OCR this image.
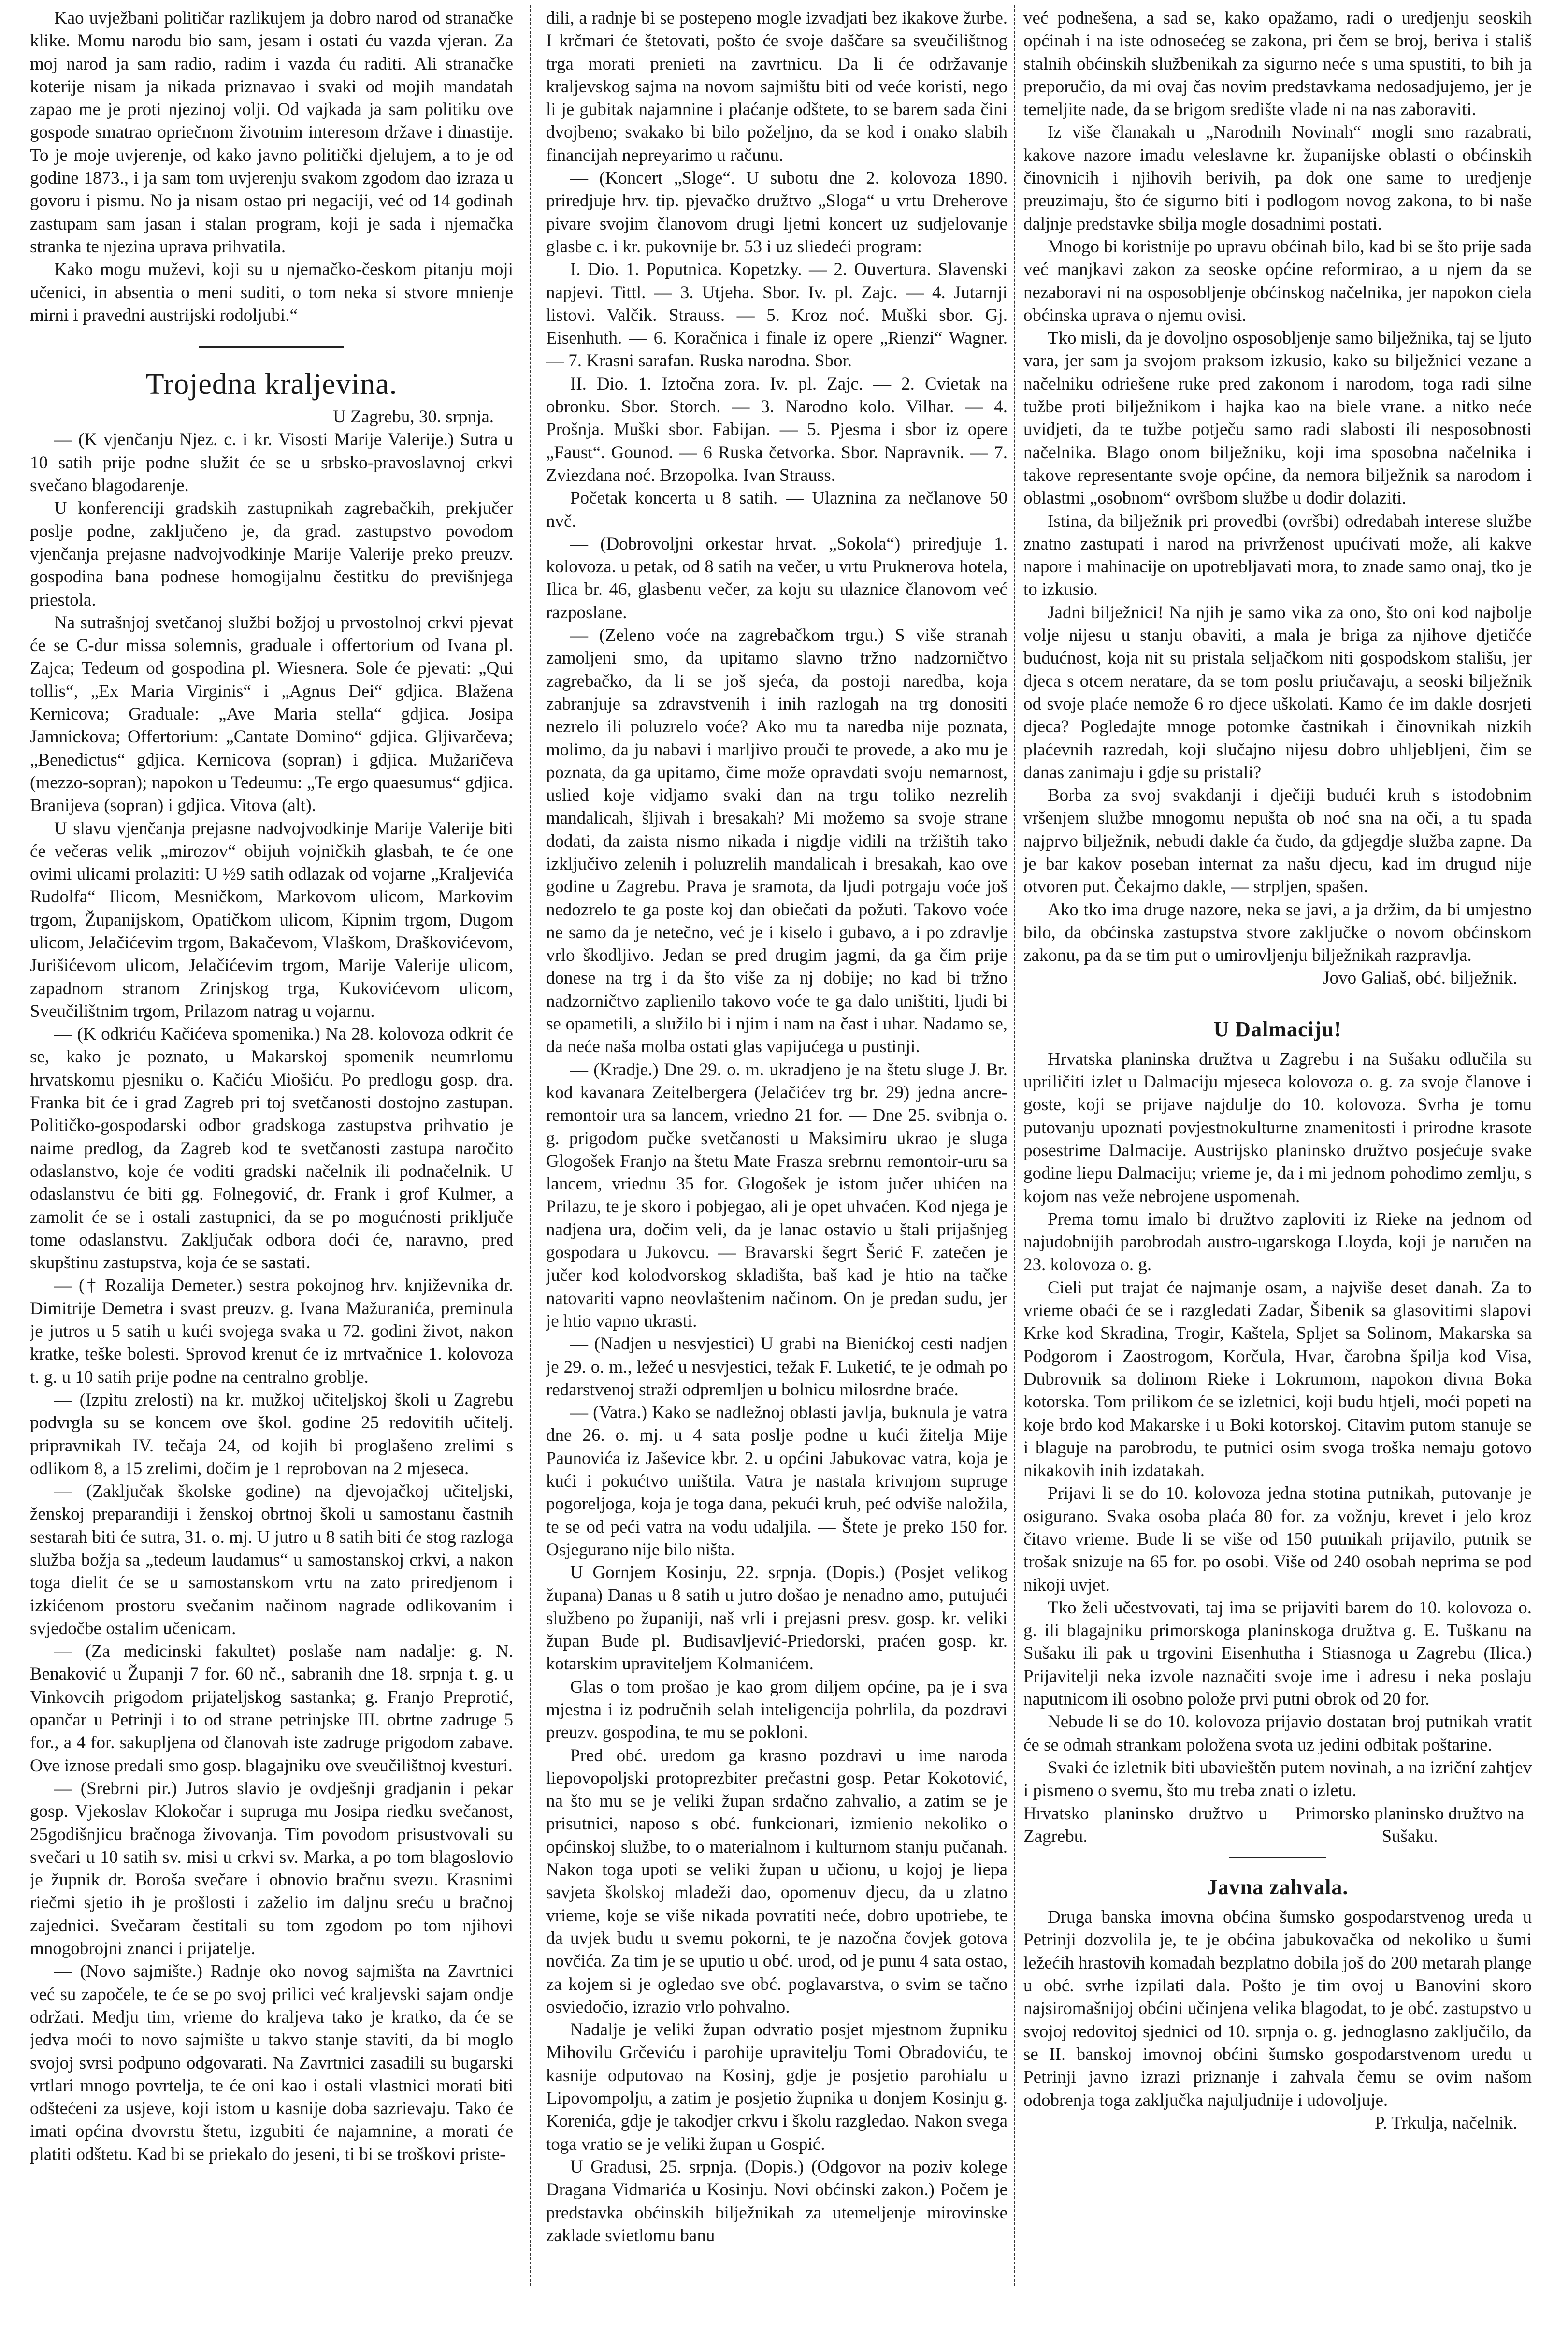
Kao uvježbani političar razlikujem ja dobro narod od stranačke klike. Momu narodu bio sam, jesam i ostati ću vazda vjeran. Za moj narod ja sam radio, radim i vazda ću raditi. Ali stranačke koterije nisam ja nikada priznavao i svaki od mojih mandatah zapao me je proti njezinoj volji. Od vajkada ja sam politiku ove gospode smatrao opriečnom životnim interesom države i dinastije. To je moje uvjerenje, od kako javno politički djelujem, a to je od godine 1873., i ja sam tom uvjerenju svakom zgodom dao izraza u govoru i pismu. No ja nisam ostao pri negaciji, već od 14 godinah zastupam sam jasan i stalan program, koji je sada i njemačka stranka te njezina uprava prihvatila.

Kako mogu muževi, koji su u njemačko-českom pitanju moji učenici, in absentia o meni suditi, o tom neka si stvore mnienje mirni i pravedni austrijski rodoljubi.“

Trojedna kraljevina.

U Zagrebu, 30. srpnja.

— (K vjenčanju Njez. c. i kr. Visosti Marije Valerije.) Sutra u 10 satih prije podne služit će se u srbsko-pravoslavnoj crkvi svečano blagodarenje.

U konferenciji gradskih zastupnikah zagrebačkih, prekjučer poslje podne, zaključeno je, da grad. zastupstvo povodom vjenčanja prejasne nadvojvodkinje Marije Valerije preko preuzv. gospodina bana podnese homogijalnu čestitku do previšnjega priestola.

Na sutrašnjoj svetčanoj službi božjoj u prvostolnoj crkvi pjevat će se C-dur missa solemnis, graduale i offertorium od Ivana pl. Zajca; Tedeum od gospodina pl. Wiesnera. Sole će pjevati: „Qui tollis“, „Ex Maria Virginis“ i „Agnus Dei“ gdjica. Blažena Kernicova; Graduale: „Ave Maria stella“ gdjica. Josipa Jamnickova; Offertorium: „Cantate Domino“ gdjica. Gljivarčeva; „Benedictus“ gdjica. Kernicova (sopran) i gdjica. Mužaričeva (mezzo-sopran); napokon u Tedeumu: „Te ergo quaesumus“ gdjica. Branijeva (sopran) i gdjica. Vitova (alt).

U slavu vjenčanja prejasne nadvojvodkinje Marije Valerije biti će večeras velik „mirozov“ obijuh vojničkih glasbah, te će one ovimi ulicami prolaziti: U ½9 satih odlazak od vojarne „Kraljevića Rudolfa“ Ilicom, Mesničkom, Markovom ulicom, Markovim trgom, Županijskom, Opatičkom ulicom, Kipnim trgom, Dugom ulicom, Jelačićevim trgom, Bakačevom, Vlaškom, Draškovićevom, Jurišićevom ulicom, Jelačićevim trgom, Marije Valerije ulicom, zapadnom stranom Zrinjskog trga, Kukovićevom ulicom, Sveučilištnim trgom, Prilazom natrag u vojarnu.

— (K odkriću Kačićeva spomenika.) Na 28. kolovoza odkrit će se, kako je poznato, u Makarskoj spomenik neumrlomu hrvatskomu pjesniku o. Kačiću Miošiću. Po predlogu gosp. dra. Franka bit će i grad Zagreb pri toj svetčanosti dostojno zastupan. Političko-gospodarski odbor gradskoga zastupstva prihvatio je naime predlog, da Zagreb kod te svetčanosti zastupa naročito odaslanstvo, koje će voditi gradski načelnik ili podnačelnik. U odaslanstvu će biti gg. Folnegović, dr. Frank i grof Kulmer, a zamolit će se i ostali zastupnici, da se po mogućnosti priključe tome odaslanstvu. Zaključak odbora doći će, naravno, pred skupštinu zastupstva, koja će se sastati.

— († Rozalija Demeter.) sestra pokojnog hrv. književnika dr. Dimitrije Demetra i svast preuzv. g. Ivana Mažuranića, preminula je jutros u 5 satih u kući svojega svaka u 72. godini život, nakon kratke, teške bolesti. Sprovod krenut će iz mrtvačnice 1. kolovoza t. g. u 10 satih prije podne na centralno groblje.

— (Izpitu zrelosti) na kr. mužkoj učiteljskoj školi u Zagrebu podvrgla su se koncem ove škol. godine 25 redovitih učitelj. pripravnikah IV. tečaja 24, od kojih bi proglašeno zrelimi s odlikom 8, a 15 zrelimi, dočim je 1 reprobovan na 2 mjeseca.

— (Zaključak školske godine) na djevojačkoj učiteljski, ženskoj preparandiji i ženskoj obrtnoj školi u samostanu častnih sestarah biti će sutra, 31. o. mj. U jutro u 8 satih biti će stog razloga služba božja sa „tedeum laudamus“ u samostanskoj crkvi, a nakon toga dielit će se u samostanskom vrtu na zato priredjenom i izkićenom prostoru svečanim načinom nagrade odlikovanim i svjedočbe ostalim učenicam.

— (Za medicinski fakultet) poslaše nam nadalje: g. N. Benaković u Županji 7 for. 60 nč., sabranih dne 18. srpnja t. g. u Vinkovcih prigodom prijateljskog sastanka; g. Franjo Preprotić, opančar u Petrinji i to od strane petrinjske III. obrtne zadruge 5 for., a 4 for. sakupljena od članovah iste zadruge prigodom zabave. Ove iznose predali smo gosp. blagajniku ove sveučilištnoj kvesturi.

— (Srebrni pir.) Jutros slavio je ovdješnji gradjanin i pekar gosp. Vjekoslav Klokočar i supruga mu Josipa riedku svečanost, 25godišnjicu bračnoga živovanja. Tim povodom prisustvovali su svečari u 10 satih sv. misi u crkvi sv. Marka, a po tom blagoslovio je župnik dr. Boroša svečare i obnovio bračnu svezu. Krasnimi riečmi sjetio ih je prošlosti i zaželio im daljnu sreću u bračnoj zajednici. Svečaram čestitali su tom zgodom po tom njihovi mnogobrojni znanci i prijatelje.

— (Novo sajmište.) Radnje oko novog sajmišta na Zavrtnici već su započele, te će se po svoj prilici već kraljevski sajam ondje održati. Medju tim, vrieme do kraljeva tako je kratko, da će se jedva moći to novo sajmište u takvo stanje staviti, da bi moglo svojoj svrsi podpuno odgovarati. Na Zavrtnici zasadili su bugarski vrtlari mnogo povrtelja, te će oni kao i ostali vlastnici morati biti odštećeni za usjeve, koji istom u kasnije doba sazrievaju. Tako će imati općina dvovrstu štetu, izgubiti će najamnine, a morati će platiti odštetu. Kad bi se priekalo do jeseni, ti bi se troškovi priste-

dili, a radnje bi se postepeno mogle izvadjati bez ikakove žurbe. I krčmari će štetovati, pošto će svoje daščare sa sveučilištnog trga morati prenieti na zavrtnicu. Da li će održavanje kraljevskog sajma na novom sajmištu biti od veće koristi, nego li je gubitak najamnine i plaćanje odštete, to se barem sada čini dvojbeno; svakako bi bilo poželjno, da se kod i onako slabih financijah nepreyarimo u računu.

— (Koncert „Sloge“. U subotu dne 2. kolovoza 1890. priredjuje hrv. tip. pjevačko družtvo „Sloga“ u vrtu Dreherove pivare svojim članovom drugi ljetni koncert uz sudjelovanje glasbe c. i kr. pukovnije br. 53 i uz sliedeći program:

I. Dio. 1. Poputnica. Kopetzky. — 2. Ouvertura. Slavenski napjevi. Tittl. — 3. Utjeha. Sbor. Iv. pl. Zajc. — 4. Jutarnji listovi. Valčik. Strauss. — 5. Kroz noć. Muški sbor. Gj. Eisenhuth. — 6. Koračnica i finale iz opere „Rienzi“ Wagner. — 7. Krasni sarafan. Ruska narodna. Sbor.

II. Dio. 1. Iztočna zora. Iv. pl. Zajc. — 2. Cvietak na obronku. Sbor. Storch. — 3. Narodno kolo. Vilhar. — 4. Prošnja. Muški sbor. Fabijan. — 5. Pjesma i sbor iz opere „Faust“. Gounod. — 6 Ruska četvorka. Sbor. Napravnik. — 7. Zviezdana noć. Brzopolka. Ivan Strauss.

Početak koncerta u 8 satih. — Ulaznina za nečlanove 50 nvč.

— (Dobrovoljni orkestar hrvat. „Sokola“) priredjuje 1. kolovoza. u petak, od 8 satih na večer, u vrtu Pruknerova hotela, Ilica br. 46, glasbenu večer, za koju su ulaznice članovom već razposlane.

— (Zeleno voće na zagrebačkom trgu.) S više stranah zamoljeni smo, da upitamo slavno tržno nadzorničtvo zagrebačko, da li se još sjeća, da postoji naredba, koja zabranjuje sa zdravstvenih i inih razlogah na trg donositi nezrelo ili poluzrelo voće? Ako mu ta naredba nije poznata, molimo, da ju nabavi i marljivo prouči te provede, a ako mu je poznata, da ga upitamo, čime može opravdati svoju nemarnost, uslied koje vidjamo svaki dan na trgu toliko nezrelih mandalicah, šljivah i bresakah? Mi možemo sa svoje strane dodati, da zaista nismo nikada i nigdje vidili na tržištih tako izključivo zelenih i poluzrelih mandalicah i bresakah, kao ove godine u Zagrebu. Prava je sramota, da ljudi potrgaju voće još nedozrelo te ga poste koj dan obiečati da požuti. Takovo voće ne samo da je netečno, već je i kiselo i gubavo, a i po zdravlje vrlo škodljivo. Jedan se pred drugim jagmi, da ga čim prije donese na trg i da što više za nj dobije; no kad bi tržno nadzorničtvo zaplienilo takovo voće te ga dalo uništiti, ljudi bi se opametili, a služilo bi i njim i nam na čast i uhar. Nadamo se, da neće naša molba ostati glas vapijućega u pustinji.

— (Kradje.) Dne 29. o. m. ukradjeno je na štetu sluge J. Br. kod kavanara Zeitelbergera (Jelačićev trg br. 29) jedna ancre-remontoir ura sa lancem, vriedno 21 for. — Dne 25. svibnja o. g. prigodom pučke svetčanosti u Maksimiru ukrao je sluga Glogošek Franjo na štetu Mate Frasza srebrnu remontoir-uru sa lancem, vriednu 35 for. Glogošek je istom jučer uhićen na Prilazu, te je skoro i pobjegao, ali je opet uhvaćen. Kod njega je nadjena ura, dočim veli, da je lanac ostavio u štali prijašnjeg gospodara u Jukovcu. — Bravarski šegrt Šerić F. zatečen je jučer kod kolodvorskog skladišta, baš kad je htio na tačke natovariti vapno neovlaštenim načinom. On je predan sudu, jer je htio vapno ukrasti.

— (Nadjen u nesvjestici) U grabi na Bienićkoj cesti nadjen je 29. o. m., ležeć u nesvjestici, težak F. Luketić, te je odmah po redarstvenoj straži odpremljen u bolnicu milosrdne braće.

— (Vatra.) Kako se nadležnoj oblasti javlja, buknula je vatra dne 26. o. mj. u 4 sata poslje podne u kući žitelja Mije Paunovića iz Jaševice kbr. 2. u općini Jabukovac vatra, koja je kući i pokućtvo uništila. Vatra je nastala krivnjom supruge pogoreljoga, koja je toga dana, pekući kruh, peć odviše naložila, te se od peći vatra na vodu udaljila. — Štete je preko 150 for. Osjegurano nije bilo ništa.

U Gornjem Kosinju, 22. srpnja. (Dopis.) (Posjet velikog župana) Danas u 8 satih u jutro došao je nenadno amo, putujući službeno po županiji, naš vrli i prejasni presv. gosp. kr. veliki župan Bude pl. Budisavljević-Priedorski, praćen gosp. kr. kotarskim upraviteljem Kolmanićem.

Glas o tom prošao je kao grom diljem općine, pa je i sva mjestna i iz područnih selah inteligencija pohrlila, da pozdravi preuzv. gospodina, te mu se pokloni.

Pred obć. uredom ga krasno pozdravi u ime naroda liepovopoljski protoprezbiter prečastni gosp. Petar Kokotović, na što mu se je veliki župan srdačno zahvalio, a zatim se je prisutnici, naposo s obć. funkcionari, izmienio nekoliko o općinskoj službe, to o materialnom i kulturnom stanju pučanah. Nakon toga upoti se veliki župan u učionu, u kojoj je liepa savjeta školskoj mladeži dao, opomenuv djecu, da u zlatno vrieme, koje se više nikada povratiti neće, dobro upotriebe, te da uvjek budu u svemu pokorni, te je nazočna čovjek gotova novčića. Za tim je se uputio u obć. urod, od je punu 4 sata ostao, za kojem si je ogledao sve obć. poglavarstva, o svim se tačno osviedočio, izrazio vrlo pohvalno.

Nadalje je veliki župan odvratio posjet mjestnom župniku Mihovilu Grčeviću i parohije upravitelju Tomi Obradoviću, te kasnije odputovao na Kosinj, gdje je posjetio parohialu u Lipovompolju, a zatim je posjetio župnika u donjem Kosinju g. Korenića, gdje je takodjer crkvu i školu razgledao. Nakon svega toga vratio se je veliki župan u Gospić.

U Gradusi, 25. srpnja. (Dopis.) (Odgovor na poziv kolege Dragana Vidmarića u Kosinju. Novi obćinski zakon.) Počem je predstavka obćinskih bilježnikah za utemeljenje mirovinske zaklade svietlomu banu

već podnešena, a sad se, kako opažamo, radi o uredjenju seoskih općinah i na iste odnosećeg se zakona, pri čem se broj, beriva i stališ stalnih obćinskih službenikah za sigurno neće s uma spustiti, to bih ja preporučio, da mi ovaj čas novim predstavkama nedosadjujemo, jer je temeljite nade, da se brigom središte vlade ni na nas zaboraviti.

Iz više članakah u „Narodnih Novinah“ mogli smo razabrati, kakove nazore imadu veleslavne kr. županijske oblasti o obćinskih činovnicih i njihovih berivih, pa dok one same to uredjenje preuzimaju, što će sigurno biti i podlogom novog zakona, to bi naše daljnje predstavke sbilja mogle dosadnimi postati.

Mnogo bi koristnije po upravu obćinah bilo, kad bi se što prije sada već manjkavi zakon za seoske općine reformirao, a u njem da se nezaboravi ni na osposobljenje obćinskog načelnika, jer napokon ciela obćinska uprava o njemu ovisi.

Tko misli, da je dovoljno osposobljenje samo bilježnika, taj se ljuto vara, jer sam ja svojom praksom izkusio, kako su bilježnici vezane a načelniku odriešene ruke pred zakonom i narodom, toga radi silne tužbe proti bilježnikom i hajka kao na biele vrane. a nitko neće uvidjeti, da te tužbe potječu samo radi slabosti ili nesposobnosti načelnika. Blago onom bilježniku, koji ima sposobna načelnika i takove representante svoje općine, da nemora bilježnik sa narodom i oblastmi „osobnom“ ovršbom službe u dodir dolaziti.

Istina, da bilježnik pri provedbi (ovršbi) odredabah interese službe znatno zastupati i narod na privrženost upućivati može, ali kakve napore i mahinacije on upotrebljavati mora, to znade samo onaj, tko je to izkusio.

Jadni bilježnici! Na njih je samo vika za ono, što oni kod najbolje volje nijesu u stanju obaviti, a mala je briga za njihove djetičće budućnost, koja nit su pristala seljačkom niti gospodskom stališu, jer djeca s otcem neratare, da se tom poslu priučavaju, a seoski bilježnik od svoje plaće nemože 6 ro djece uškolati. Kamo će im dakle dosrjeti djeca? Pogledajte mnoge potomke častnikah i činovnikah nizkih plaćevnih razredah, koji slučajno nijesu dobro uhljebljeni, čim se danas zanimaju i gdje su pristali?

Borba za svoj svakdanji i dječiji budući kruh s istodobnim vršenjem službe mnogomu nepušta ob noć sna na oči, a tu spada najprvo bilježnik, nebudi dakle ća čudo, da gdjegdje služba zapne. Da je bar kakov poseban internat za našu djecu, kad im drugud nije otvoren put. Čekajmo dakle, — strpljen, spašen.

Ako tko ima druge nazore, neka se javi, a ja držim, da bi umjestno bilo, da obćinska zastupstva stvore zaključke o novom obćinskom zakonu, pa da se tim put o umirovljenju bilježnikah razpravlja.

Jovo Galiaš, obć. bilježnik.

U Dalmaciju!

Hrvatska planinska družtva u Zagrebu i na Sušaku odlučila su upriličiti izlet u Dalmaciju mjeseca kolovoza o. g. za svoje članove i goste, koji se prijave najdulje do 10. kolovoza. Svrha je tomu putovanju upoznati povjestnokulturne znamenitosti i prirodne krasote posestrime Dalmacije. Austrijsko planinsko družtvo posjećuje svake godine liepu Dalmaciju; vrieme je, da i mi jednom pohodimo zemlju, s kojom nas veže nebrojene uspomenah.

Prema tomu imalo bi družtvo zaploviti iz Rieke na jednom od najudobnijih parobrodah austro-ugarskoga Lloyda, koji je naručen na 23. kolovoza o. g.

Cieli put trajat će najmanje osam, a najviše deset danah. Za to vrieme obaći će se i razgledati Zadar, Šibenik sa glasovitimi slapovi Krke kod Skradina, Trogir, Kaštela, Spljet sa Solinom, Makarska sa Podgorom i Zaostrogom, Korčula, Hvar, čarobna špilja kod Visa, Dubrovnik sa dolinom Rieke i Lokrumom, napokon divna Boka kotorska. Tom prilikom će se izletnici, koji budu htjeli, moći popeti na koje brdo kod Makarske i u Boki kotorskoj. Citavim putom stanuje se i blaguje na parobrodu, te putnici osim svoga troška nemaju gotovo nikakovih inih izdatakah.

Prijavi li se do 10. kolovoza jedna stotina putnikah, putovanje je osigurano. Svaka osoba plaća 80 for. za vožnju, krevet i jelo kroz čitavo vrieme. Bude li se više od 150 putnikah prijavilo, putnik se trošak snizuje na 65 for. po osobi. Više od 240 osobah neprima se pod nikoji uvjet.

Tko želi učestvovati, taj ima se prijaviti barem do 10. kolovoza o. g. ili blagajniku primorskoga planinskoga družtva g. E. Tuškanu na Sušaku ili pak u trgovini Eisenhutha i Stiasnoga u Zagrebu (Ilica.) Prijavitelji neka izvole naznačiti svoje ime i adresu i neka poslaju naputnicom ili osobno polože prvi putni obrok od 20 for.

Nebude li se do 10. kolovoza prijavio dostatan broj putnikah vratit će se odmah strankam položena svota uz jedini odbitak poštarine.

Svaki će izletnik biti ubavieštěn putem novinah, a na izriční zahtjev i pismeno o svemu, što mu treba znati o izletu.

Hrvatsko planinsko družtvo u Zagrebu.
Primorsko planinsko družtvo na Sušaku.
Javna zahvala.

Druga banska imovna obćina šumsko gospodarstvenog ureda u Petrinji dozvolila je, te je obćina jabukovačka od nekoliko u šumi ležećih hrastovih komadah bezplatno dobila još do 200 metarah plange u obć. svrhe izpilati dala. Pošto je tim ovoj u Banovini skoro najsiromašnijoj obćini učinjena velika blagodat, to je obć. zastupstvo u svojoj redovitoj sjednici od 10. srpnja o. g. jednoglasno zaključilo, da se II. banskoj imovnoj obćini šumsko gospodarstvenom uredu u Petrinji javno izrazi priznanje i zahvala čemu se ovim našom odobrenja toga zaključka najuljudnije i udovoljuje.

P. Trkulja, načelnik.
